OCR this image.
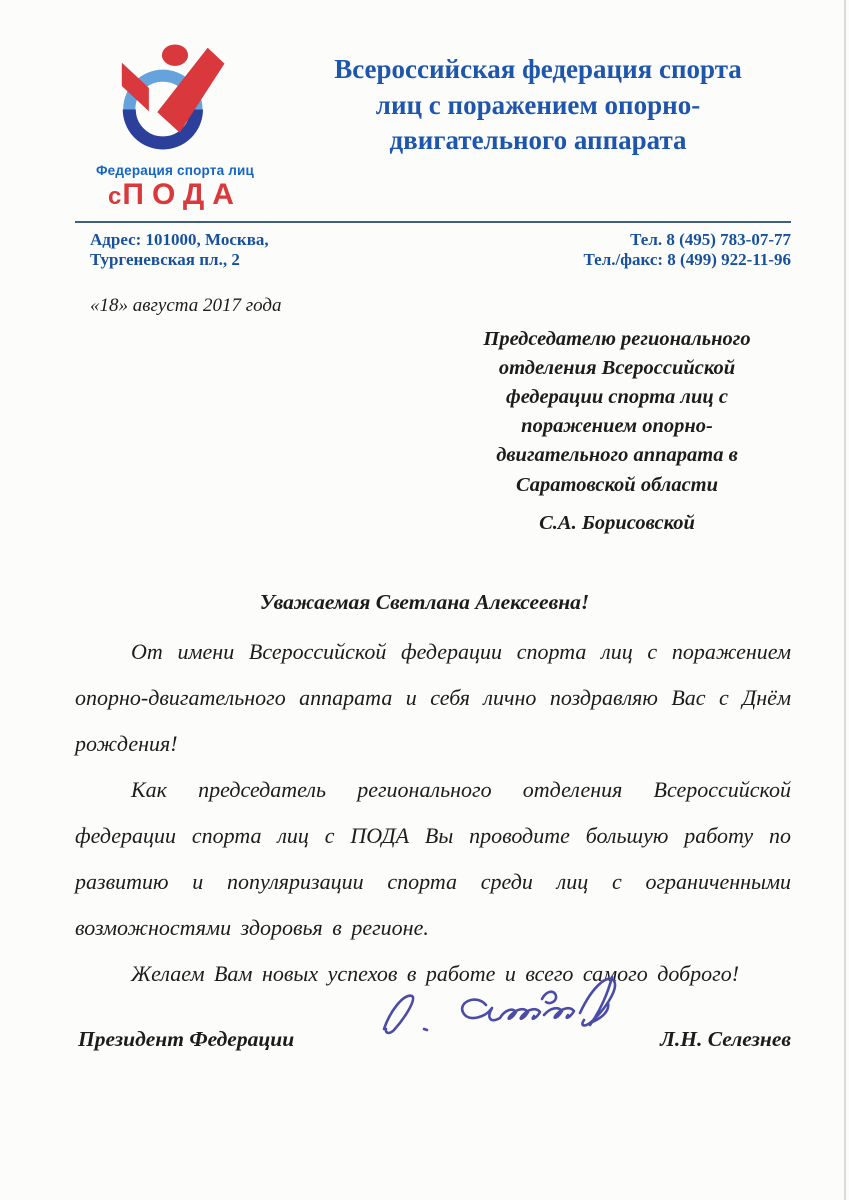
Федерация спорта лиц
сПОДА
Всероссийская федерация спорта
лиц с поражением опорно-
двигательного аппарата
Адрес: 101000, Москва,
Тургеневская пл., 2
Тел. 8 (495) 783-07-77
Тел./факс: 8 (499) 922-11-96
«18» августа 2017 года
Председателю регионального
отделения Всероссийской
федерации спорта лиц с
поражением опорно-
двигательного аппарата в
Саратовской области
С.А. Борисовской
Уважаемая Светлана Алексеевна!

От имени Всероссийской федерации спорта лиц с поражением опорно-двигательного аппарата и себя лично поздравляю Вас с Днём рождения!

Как председатель регионального отделения Всероссийской федерации спорта лиц с ПОДА Вы проводите большую работу по развитию и популяризации спорта среди лиц с ограниченными возможностями здоровья в регионе.

Желаем Вам новых успехов в работе и всего самого доброго!

Президент Федерации	Л.Н. Селезнев
